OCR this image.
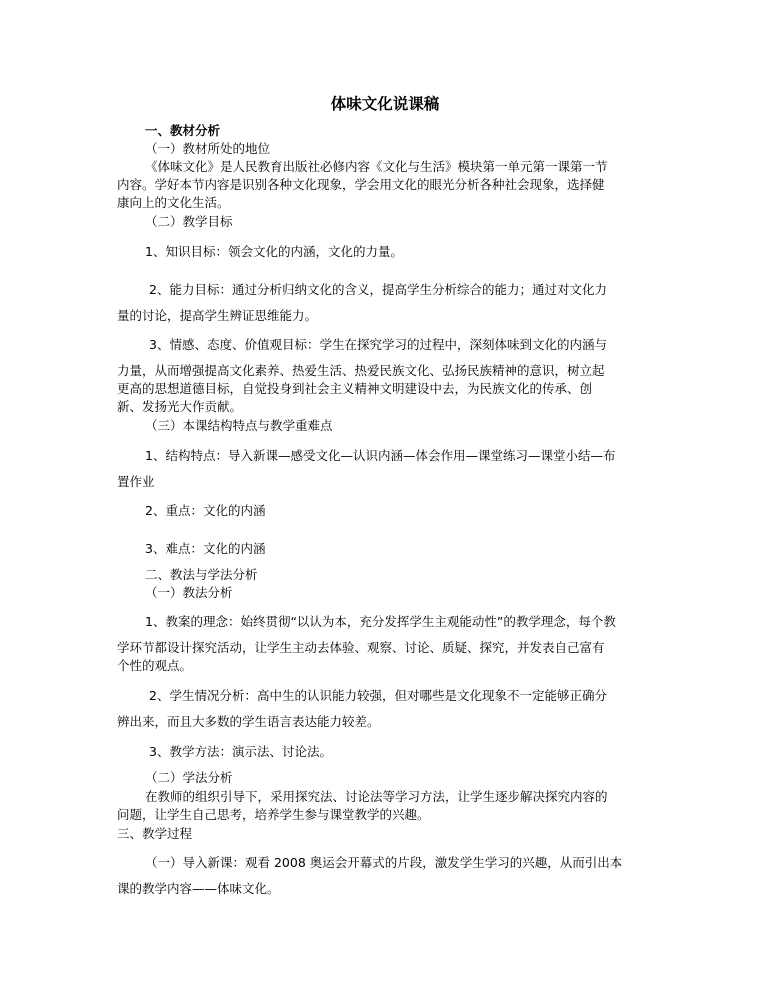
体味文化说课稿
一、教材分析
（一）教材所处的地位
《体味文化》是人民教育出版社必修内容《文化与生活》模块第一单元第一课第一节
内容。学好本节内容是识别各种文化现象，学会用文化的眼光分析各种社会现象，选择健
康向上的文化生活。
（二）教学目标
1、知识目标：领会文化的内涵，文化的力量。
2、能力目标：通过分析归纳文化的含义，提高学生分析综合的能力；通过对文化力
量的讨论，提高学生辨证思维能力。
3、情感、态度、价值观目标：学生在探究学习的过程中，深刻体味到文化的内涵与
力量，从而增强提高文化素养、热爱生活、热爱民族文化、弘扬民族精神的意识，树立起
更高的思想道德目标，自觉投身到社会主义精神文明建设中去，为民族文化的传承、创
新、发扬光大作贡献。
（三）本课结构特点与教学重难点
1、结构特点：导入新课—感受文化—认识内涵—体会作用—课堂练习—课堂小结—布
置作业
2、重点：文化的内涵
3、难点：文化的内涵
二、教法与学法分析
（一）教法分析
1、教案的理念：始终贯彻“以认为本，充分发挥学生主观能动性”的教学理念，每个教
学环节都设计探究活动，让学生主动去体验、观察、讨论、质疑、探究，并发表自己富有
个性的观点。
2、学生情况分析：高中生的认识能力较强，但对哪些是文化现象不一定能够正确分
辨出来，而且大多数的学生语言表达能力较差。
3、教学方法：演示法、讨论法。
（二）学法分析
在教师的组织引导下，采用探究法、讨论法等学习方法，让学生逐步解决探究内容的
问题，让学生自己思考，培养学生参与课堂教学的兴趣。
三、教学过程
（一）导入新课：观看 2008 奥运会开幕式的片段，激发学生学习的兴趣，从而引出本
课的教学内容——体味文化。
